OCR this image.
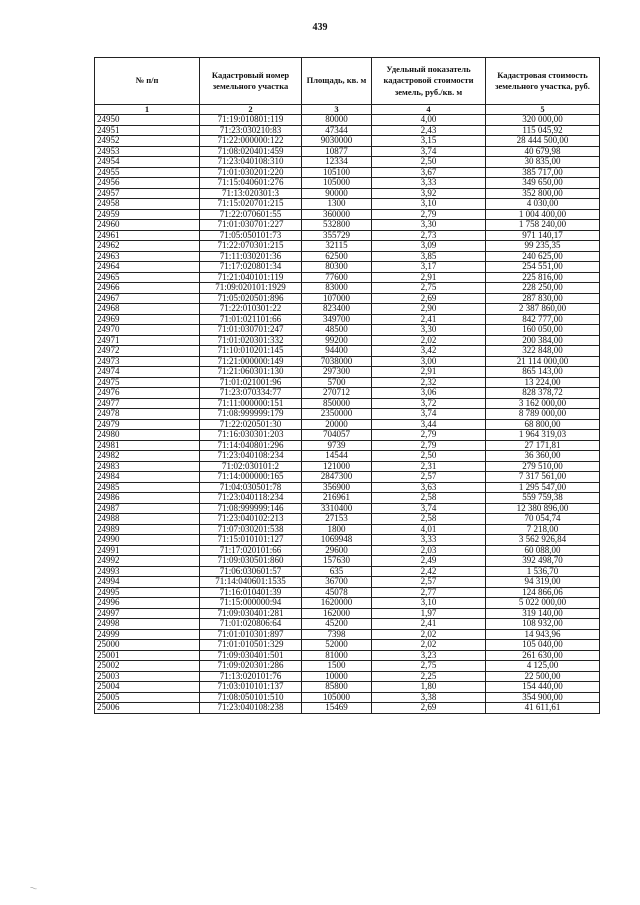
439
№ п/п	Кадастровый номер земельного участка	Площадь, кв. м	Удельный показатель кадастровой стоимости земель, руб./кв. м	Кадастровая стоимость земельного участка, руб.
1	2	3	4	5
24950	71:19:010801:119	80000	4,00	320 000,00
24951	71:23:030210:83	47344	2,43	115 045,92
24952	71:22:000000:122	9030000	3,15	28 444 500,00
24953	71:08:020401:459	10877	3,74	40 679,98
24954	71:23:040108:310	12334	2,50	30 835,00
24955	71:01:030201:220	105100	3,67	385 717,00
24956	71:15:040601:276	105000	3,33	349 650,00
24957	71:13:020301:3	90000	3,92	352 800,00
24958	71:15:020701:215	1300	3,10	4 030,00
24959	71:22:070601:55	360000	2,79	1 004 400,00
24960	71:01:030701:227	532800	3,30	1 758 240,00
24961	71:05:050101:73	355729	2,73	971 140,17
24962	71:22:070301:215	32115	3,09	99 235,35
24963	71:11:030201:36	62500	3,85	240 625,00
24964	71:17:020801:34	80300	3,17	254 551,00
24965	71:21:040101:119	77600	2,91	225 816,00
24966	71:09:020101:1929	83000	2,75	228 250,00
24967	71:05:020501:896	107000	2,69	287 830,00
24968	71:22:010301:22	823400	2,90	2 387 860,00
24969	71:01:021101:66	349700	2,41	842 777,00
24970	71:01:030701:247	48500	3,30	160 050,00
24971	71:01:020301:332	99200	2,02	200 384,00
24972	71:10:010201:145	94400	3,42	322 848,00
24973	71:21:000000:149	7038000	3,00	21 114 000,00
24974	71:21:060301:130	297300	2,91	865 143,00
24975	71:01:021001:96	5700	2,32	13 224,00
24976	71:23:070334:77	270712	3,06	828 378,72
24977	71:11:000000:151	850000	3,72	3 162 000,00
24978	71:08:999999:179	2350000	3,74	8 789 000,00
24979	71:22:020501:30	20000	3,44	68 800,00
24980	71:16:030301:203	704057	2,79	1 964 319,03
24981	71:14:040801:296	9739	2,79	27 171,81
24982	71:23:040108:234	14544	2,50	36 360,00
24983	71:02:030101:2	121000	2,31	279 510,00
24984	71:14:000000:165	2847300	2,57	7 317 561,00
24985	71:04:030501:78	356900	3,63	1 295 547,00
24986	71:23:040118:234	216961	2,58	559 759,38
24987	71:08:999999:146	3310400	3,74	12 380 896,00
24988	71:23:040102:213	27153	2,58	70 054,74
24989	71:07:030201:538	1800	4,01	7 218,00
24990	71:15:010101:127	1069948	3,33	3 562 926,84
24991	71:17:020101:66	29600	2,03	60 088,00
24992	71:09:030501:860	157630	2,49	392 498,70
24993	71:06:030601:57	635	2,42	1 536,70
24994	71:14:040601:1535	36700	2,57	94 319,00
24995	71:16:010401:39	45078	2,77	124 866,06
24996	71:15:000000:94	1620000	3,10	5 022 000,00
24997	71:09:030401:281	162000	1,97	319 140,00
24998	71:01:020806:64	45200	2,41	108 932,00
24999	71:01:010301:897	7398	2,02	14 943,96
25000	71:01:010501:329	52000	2,02	105 040,00
25001	71:09:030401:501	81000	3,23	261 630,00
25002	71:09:020301:286	1500	2,75	4 125,00
25003	71:13:020101:76	10000	2,25	22 500,00
25004	71:03:010101:137	85800	1,80	154 440,00
25005	71:08:050101:510	105000	3,38	354 900,00
25006	71:23:040108:238	15469	2,69	41 611,61
⁓
